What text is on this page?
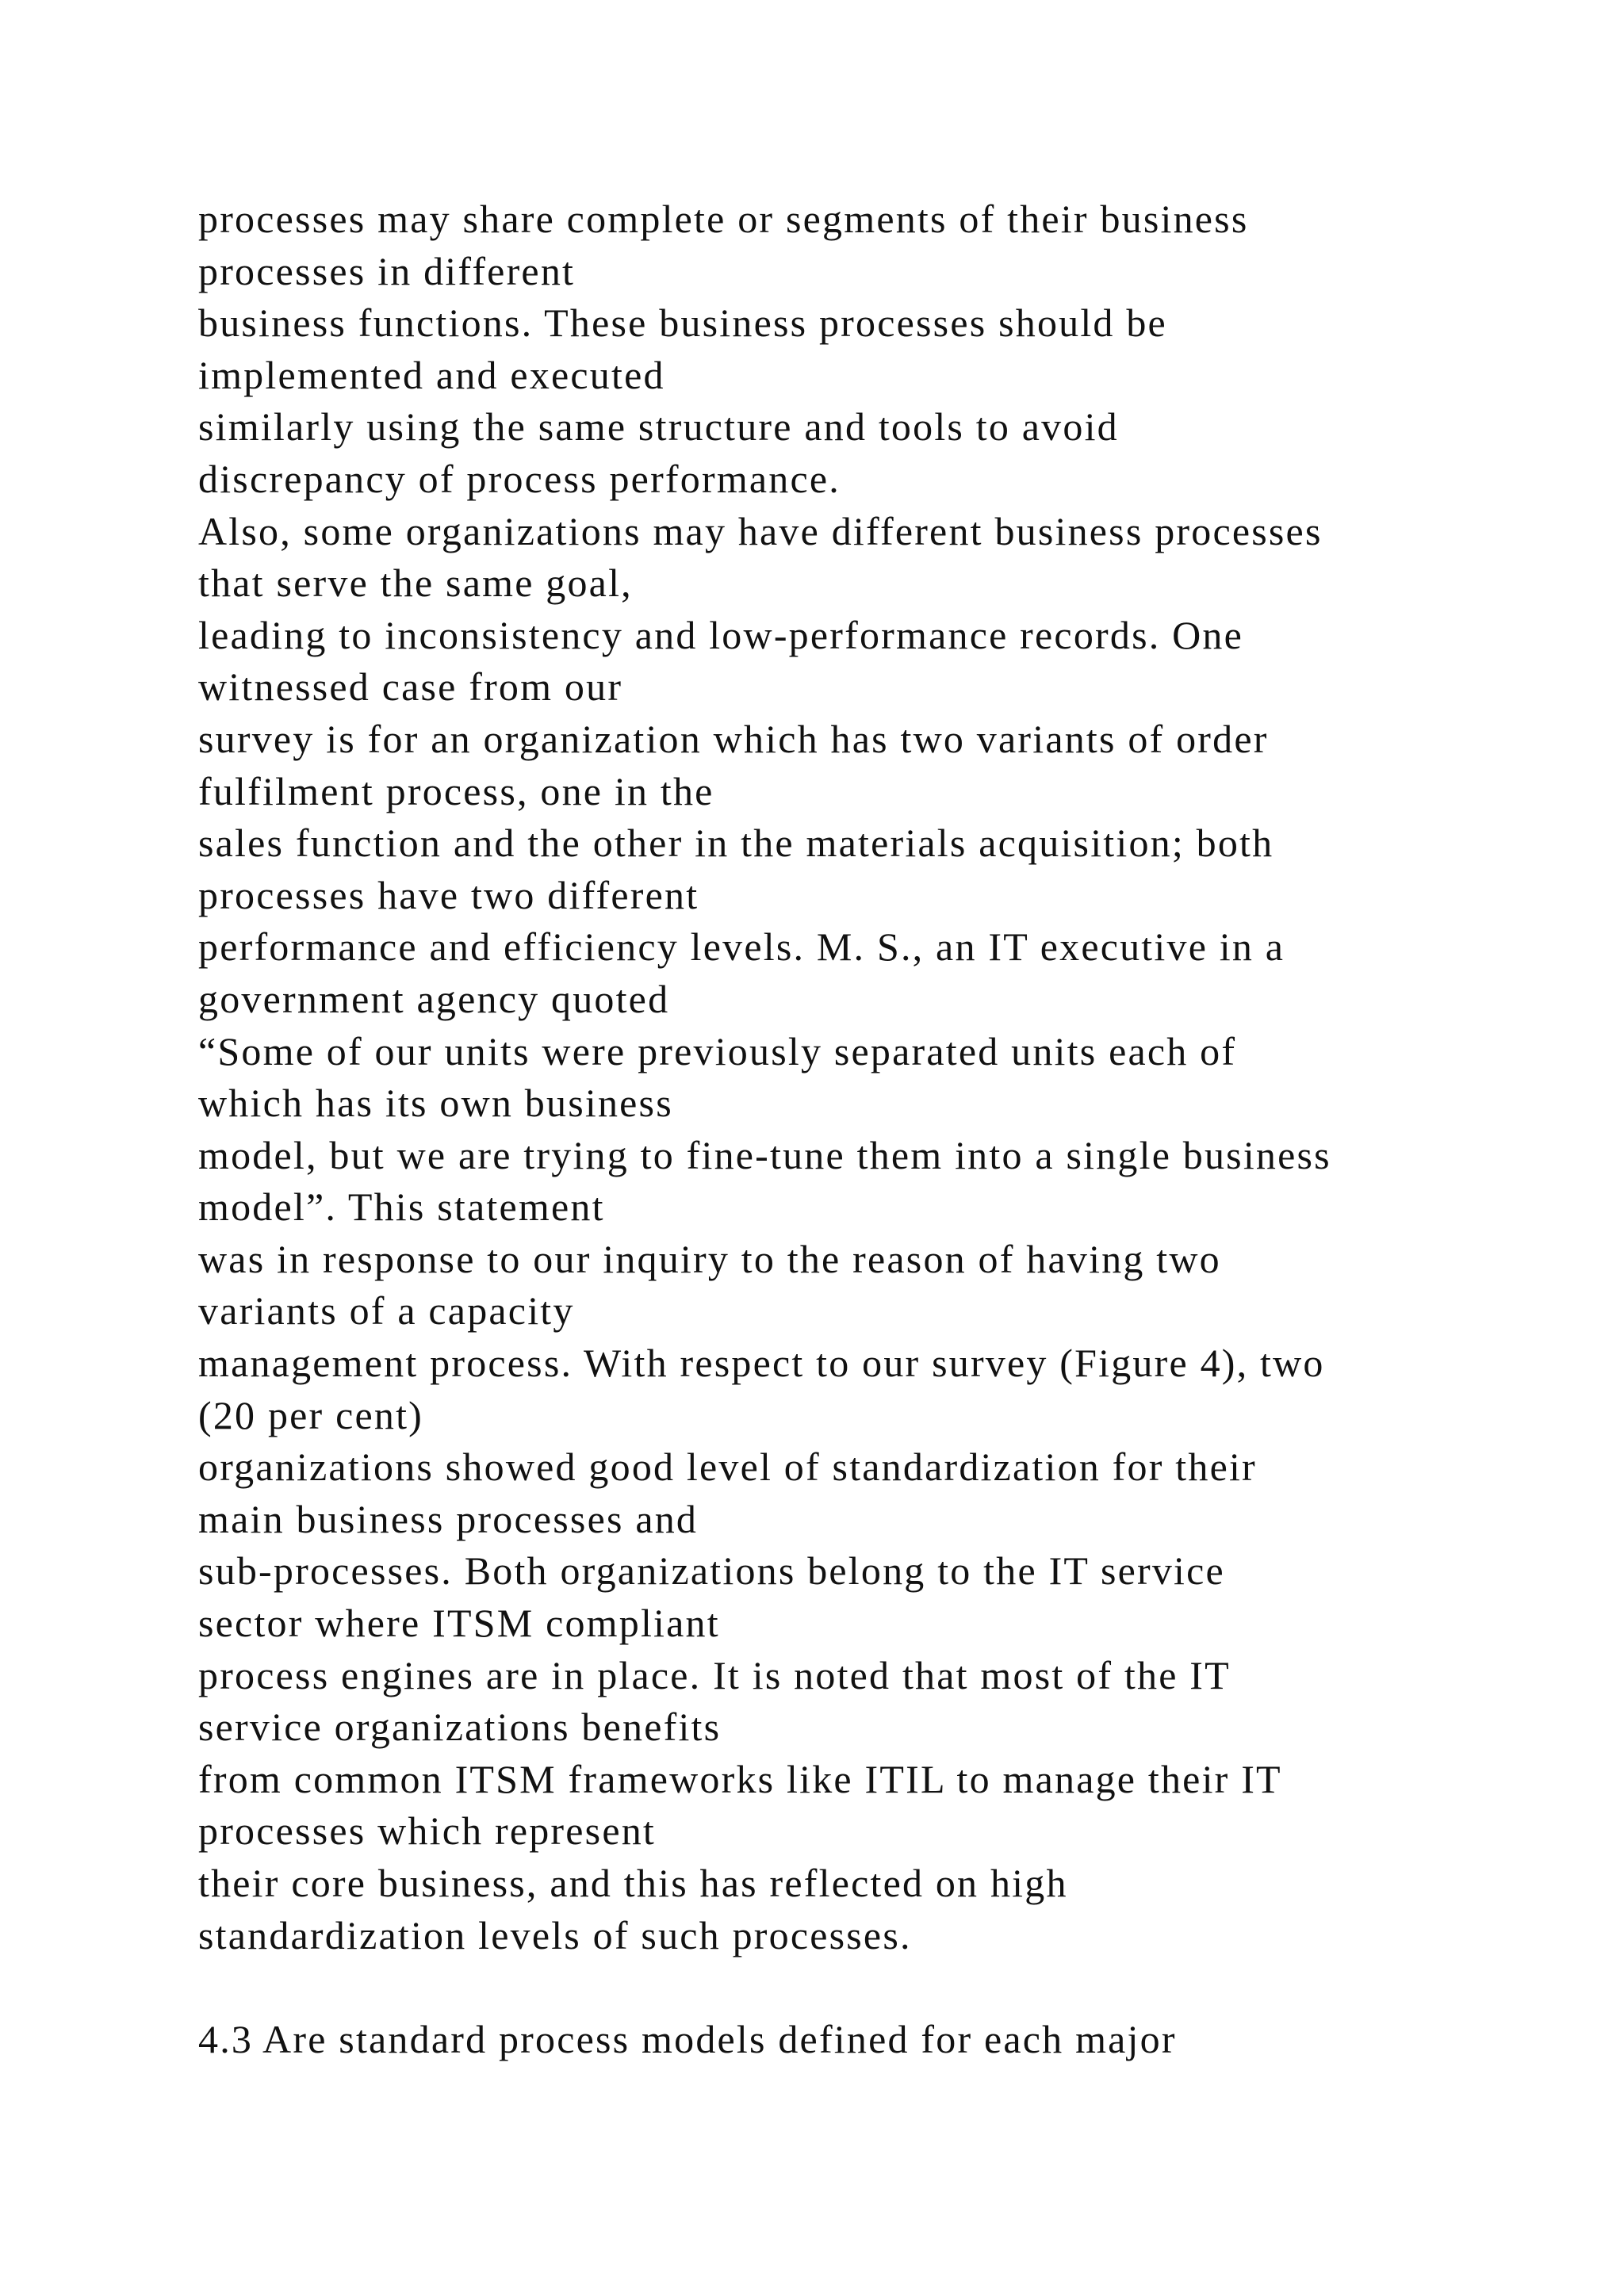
processes may share complete or segments of their business
processes in different
business functions. These business processes should be
implemented and executed
similarly using the same structure and tools to avoid
discrepancy of process performance.
Also, some organizations may have different business processes
that serve the same goal,
leading to inconsistency and low-performance records. One
witnessed case from our
survey is for an organization which has two variants of order
fulfilment process, one in the
sales function and the other in the materials acquisition; both
processes have two different
performance and efficiency levels. M. S., an IT executive in a
government agency quoted
“Some of our units were previously separated units each of
which has its own business
model, but we are trying to fine-tune them into a single business
model”. This statement
was in response to our inquiry to the reason of having two
variants of a capacity
management process. With respect to our survey (Figure 4), two
(20 per cent)
organizations showed good level of standardization for their
main business processes and
sub-processes. Both organizations belong to the IT service
sector where ITSM compliant
process engines are in place. It is noted that most of the IT
service organizations benefits
from common ITSM frameworks like ITIL to manage their IT
processes which represent
their core business, and this has reflected on high
standardization levels of such processes.
4.3 Are standard process models defined for each major
